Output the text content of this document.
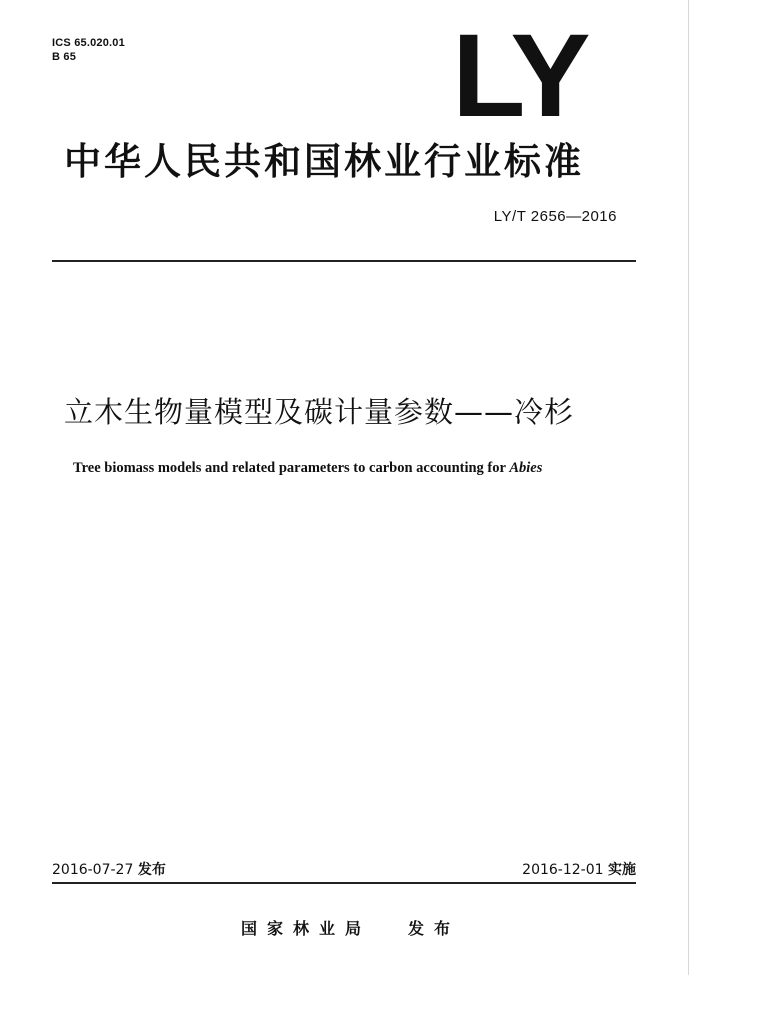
ICS 65.020.01
B 65	LY
中华人民共和国林业行业标准
LY/T 2656—2016
立木生物量模型及碳计量参数——冷杉
Tree biomass models and related parameters to carbon accounting for Abies
2016-07-27 发布	2016-12-01 实施
国家林业局 发布
